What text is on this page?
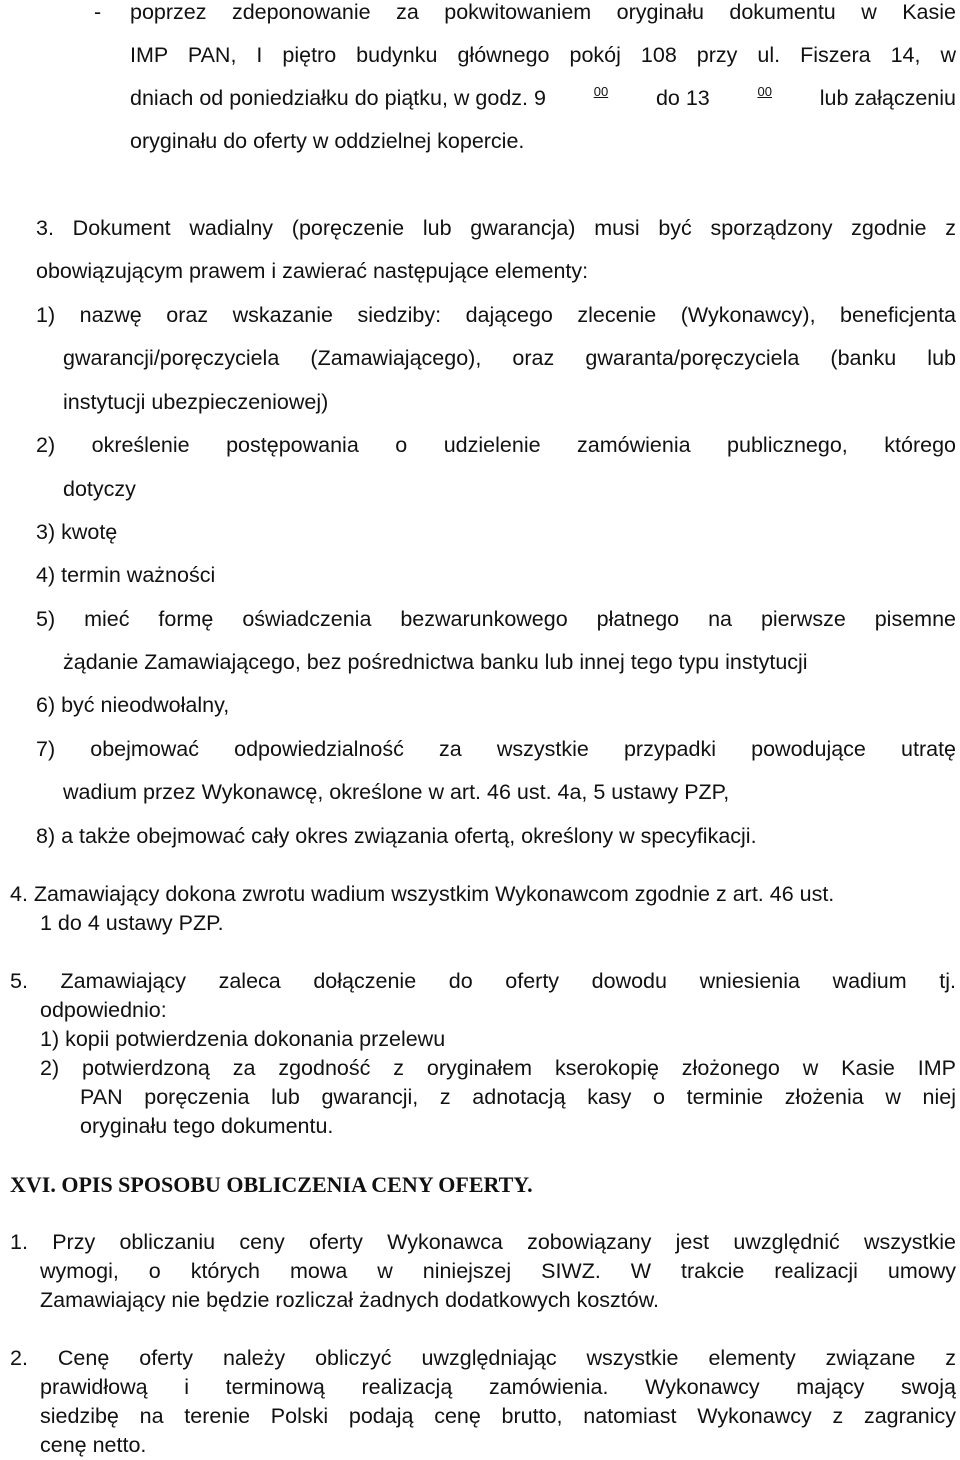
- poprzez zdeponowanie za pokwitowaniem oryginału dokumentu w Kasie
IMP PAN, I piętro budynku głównego pokój 108 przy ul. Fiszera 14, w
dniach od poniedziałku do piątku, w godz. 9	$^{00}$ do 13	$^{00}$ lub załączeniu
oryginału do oferty w oddzielnej kopercie.
3. Dokument wadialny (poręczenie lub gwarancja) musi być sporządzony zgodnie z
obowiązującym prawem i zawierać następujące elementy:
1) nazwę oraz wskazanie siedziby: dającego zlecenie (Wykonawcy), beneficjenta
gwarancji/poręczyciela (Zamawiającego), oraz gwaranta/poręczyciela (banku lub
instytucji ubezpieczeniowej)
2) określenie postępowania o udzielenie zamówienia publicznego, którego
dotyczy
3) kwotę
4) termin ważności
5) mieć formę oświadczenia bezwarunkowego płatnego na pierwsze pisemne
żądanie Zamawiającego, bez pośrednictwa banku lub innej tego typu instytucji
6) być nieodwołalny,
7) obejmować odpowiedzialność za wszystkie przypadki powodujące utratę
wadium przez Wykonawcę, określone w art. 46 ust. 4a, 5 ustawy PZP,
8) a także obejmować cały okres związania ofertą, określony w specyfikacji.
4. Zamawiający dokona zwrotu wadium wszystkim Wykonawcom zgodnie z art. 46 ust.
1 do 4 ustawy PZP.
5. Zamawiający zaleca dołączenie do oferty dowodu wniesienia wadium tj.
odpowiednio:
1) kopii potwierdzenia dokonania przelewu
2) potwierdzoną za zgodność z oryginałem kserokopię złożonego w Kasie IMP
PAN poręczenia lub gwarancji, z adnotacją kasy o terminie złożenia w niej
oryginału tego dokumentu.
XVI. OPIS SPOSOBU OBLICZENIA CENY OFERTY.
1. Przy obliczaniu ceny oferty Wykonawca zobowiązany jest uwzględnić wszystkie
wymogi, o których mowa w niniejszej SIWZ. W trakcie realizacji umowy
Zamawiający nie będzie rozliczał żadnych dodatkowych kosztów.
2. Cenę oferty należy obliczyć uwzględniając wszystkie elementy związane z
prawidłową i terminową realizacją zamówienia. Wykonawcy mający swoją
siedzibę na terenie Polski podają cenę brutto, natomiast Wykonawcy z zagranicy
cenę netto.
